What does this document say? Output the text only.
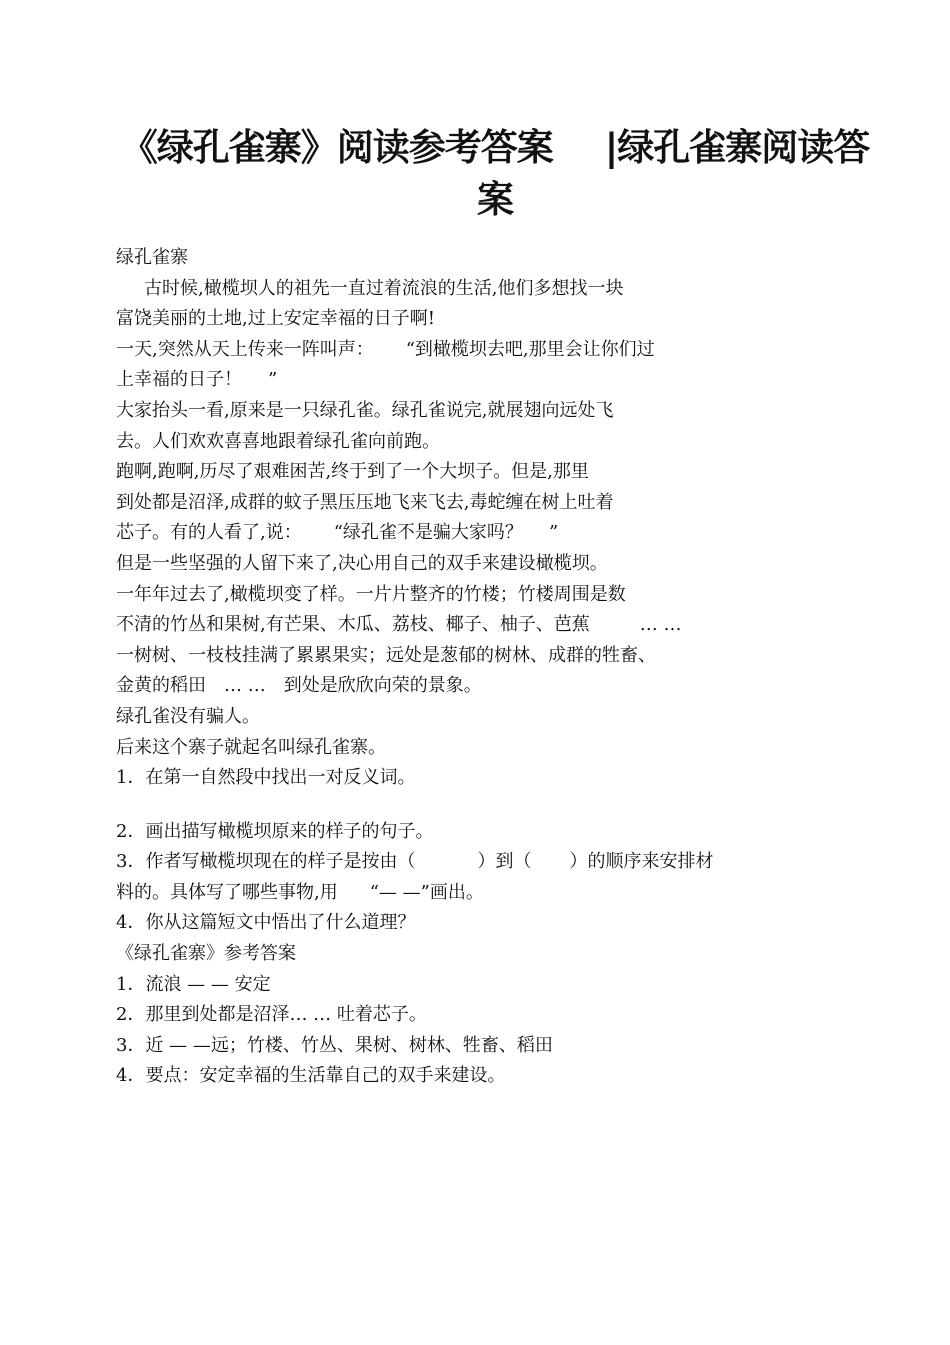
《绿孔雀寨》阅读参考答案 |绿孔雀寨阅读答
案
绿孔雀寨
古时候,橄榄坝人的祖先一直过着流浪的生活,他们多想找一块
富饶美丽的土地,过上安定幸福的日子啊!
一天,突然从天上传来一阵叫声： “到橄榄坝去吧,那里会让你们过
上幸福的日子！ ”
大家抬头一看,原来是一只绿孔雀。绿孔雀说完,就展翅向远处飞
去。人们欢欢喜喜地跟着绿孔雀向前跑。
跑啊,跑啊,历尽了艰难困苦,终于到了一个大坝子。但是,那里
到处都是沼泽,成群的蚊子黑压压地飞来飞去,毒蛇缠在树上吐着
芯子。有的人看了,说： “绿孔雀不是骗大家吗？ ”
但是一些坚强的人留下来了,决心用自己的双手来建设橄榄坝。
一年年过去了,橄榄坝变了样。一片片整齐的竹楼；竹楼周围是数
不清的竹丛和果树,有芒果、木瓜、荔枝、椰子、柚子、芭蕉	… …
一树树、一枝枝挂满了累累果实；远处是葱郁的树林、成群的牲畜、
金黄的稻田 … … 到处是欣欣向荣的景象。
绿孔雀没有骗人。
后来这个寨子就起名叫绿孔雀寨。
1．在第一自然段中找出一对反义词。
2．画出描写橄榄坝原来的样子的句子。
3．作者写橄榄坝现在的样子是按由（	）到（ ）的顺序来安排材
料的。具体写了哪些事物,用 “— —”画出。
4．你从这篇短文中悟出了什么道理？
《绿孔雀寨》参考答案
1．流浪 — — 安定
2．那里到处都是沼泽… … 吐着芯子。
3．近 — —远；竹楼、竹丛、果树、树林、牲畜、稻田
4．要点：安定幸福的生活靠自己的双手来建设。
